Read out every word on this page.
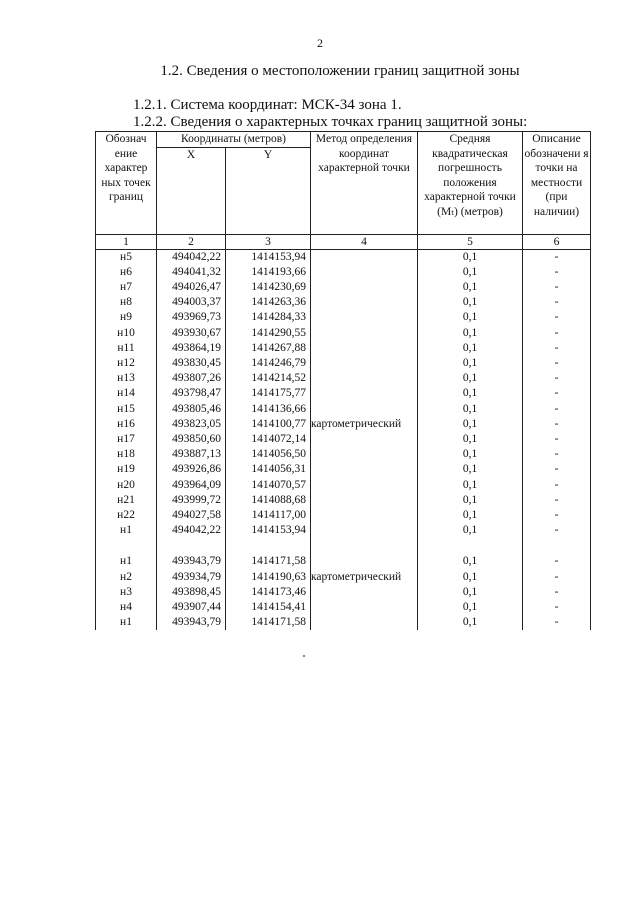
2
1.2. Сведения о местоположении границ защитной зоны
1.2.1. Система координат: МСК-34 зона 1.
1.2.2. Сведения о характерных точках границ защитной зоны:
Обознач ение характер ных точек границ	Координаты (метров)		Метод определения координат характерной точки	Средняя квадратическая погрешность положения характерной точки (Mₜ) (метров)	Описание обозначени я точки на местности (при наличии)
	X	Y			
1	2	3	4	5	6
н5	494042,22	1414153,94		0,1	-
н6	494041,32	1414193,66		0,1	-
н7	494026,47	1414230,69		0,1	-
н8	494003,37	1414263,36		0,1	-
н9	493969,73	1414284,33		0,1	-
н10	493930,67	1414290,55		0,1	-
н11	493864,19	1414267,88		0,1	-
н12	493830,45	1414246,79		0,1	-
н13	493807,26	1414214,52		0,1	-
н14	493798,47	1414175,77		0,1	-
н15	493805,46	1414136,66		0,1	-
н16	493823,05	1414100,77	картометрический	0,1	-
н17	493850,60	1414072,14		0,1	-
н18	493887,13	1414056,50		0,1	-
н19	493926,86	1414056,31		0,1	-
н20	493964,09	1414070,57		0,1	-
н21	493999,72	1414088,68		0,1	-
н22	494027,58	1414117,00		0,1	-
н1	494042,22	1414153,94		0,1	-

н1	493943,79	1414171,58		0,1	-
н2	493934,79	1414190,63	картометрический	0,1	-
н3	493898,45	1414173,46		0,1	-
н4	493907,44	1414154,41		0,1	-
н1	493943,79	1414171,58		0,1	-
